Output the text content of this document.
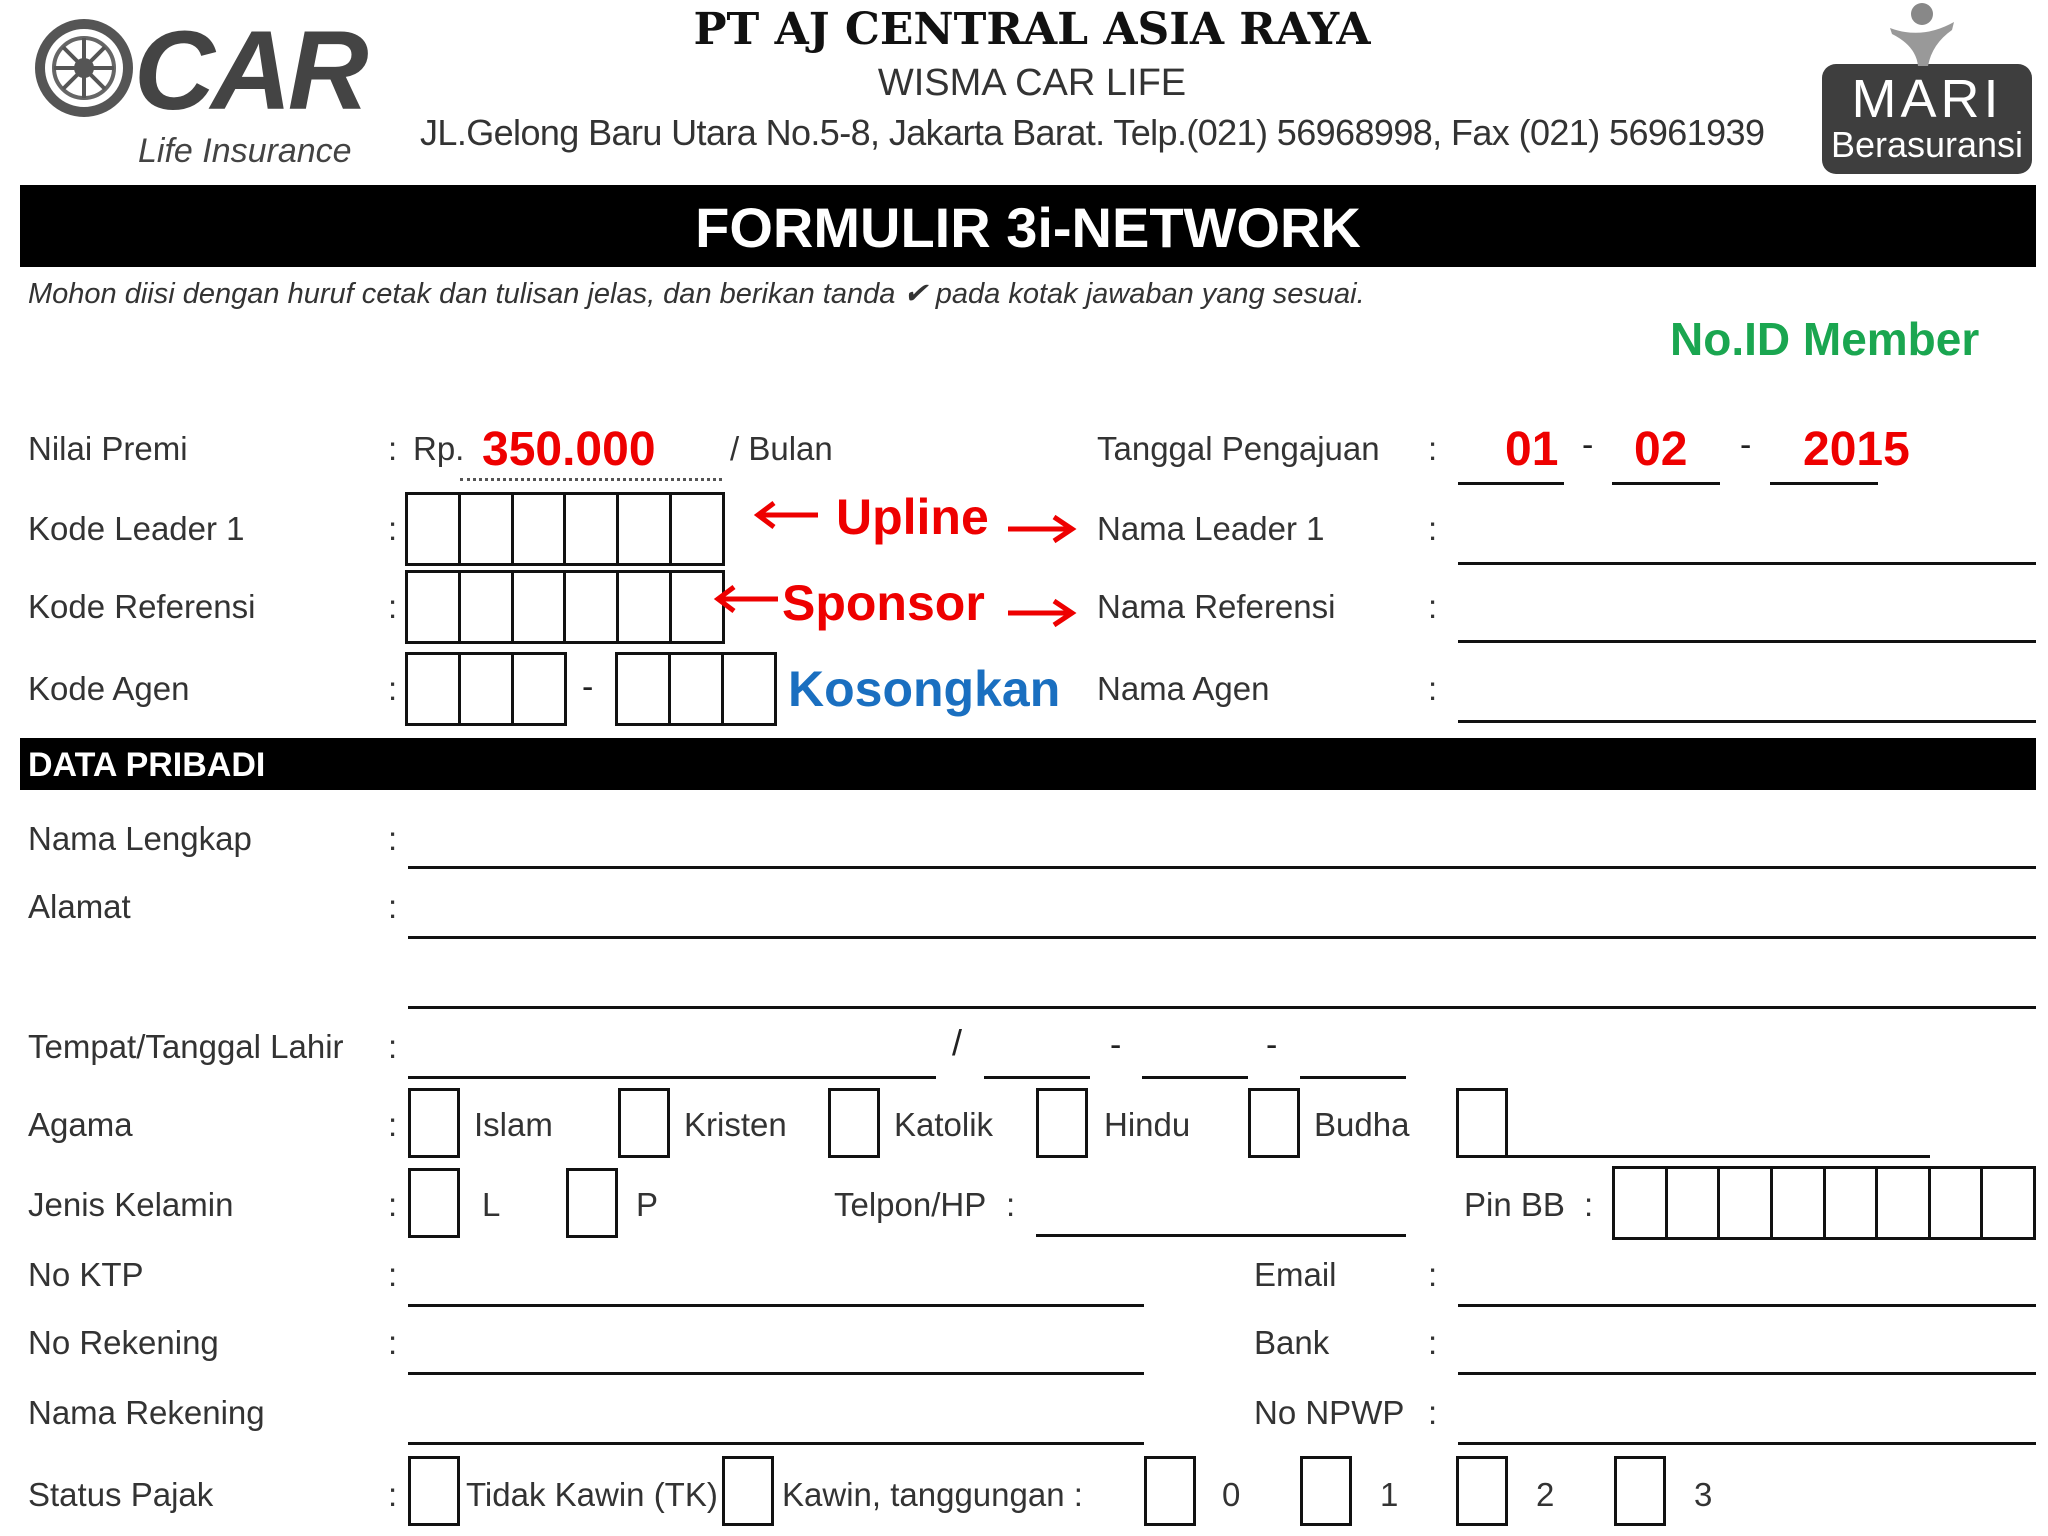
CAR
Life Insurance
PT AJ CENTRAL ASIA RAYA
WISMA CAR LIFE
JL.Gelong Baru Utara No.5-8, Jakarta Barat. Telp.(021) 56968998, Fax (021) 56961939
MARI
Berasuransi
FORMULIR 3i-NETWORK
Mohon diisi dengan huruf cetak dan tulisan jelas, dan berikan tanda ✔ pada kotak jawaban yang sesuai.
No.ID Member
Nilai Premi	: Rp. 350.000 / Bulan	Tanggal Pengajuan : 01 - 02 - 2015
Kode Leader 1	:	Upline	Nama Leader 1	:
Kode Referensi	:	Sponsor	Nama Referensi	:
Kode Agen	:	-	Kosongkan Nama Agen	:
DATA PRIBADI
Nama Lengkap	:
Alamat	:
Tempat/Tanggal Lahir :	/	-	-
Agama	: Islam	Kristen	Katolik	Hindu	Budha
Jenis Kelamin	:	L	P	Telpon/HP :	Pin BB :
No KTP	:	Email	:
No Rekening	:	Bank	:
Nama Rekening	No NPWP :
Status Pajak	: Tidak Kawin (TK) Kawin, tanggungan :	0	1	2	3
